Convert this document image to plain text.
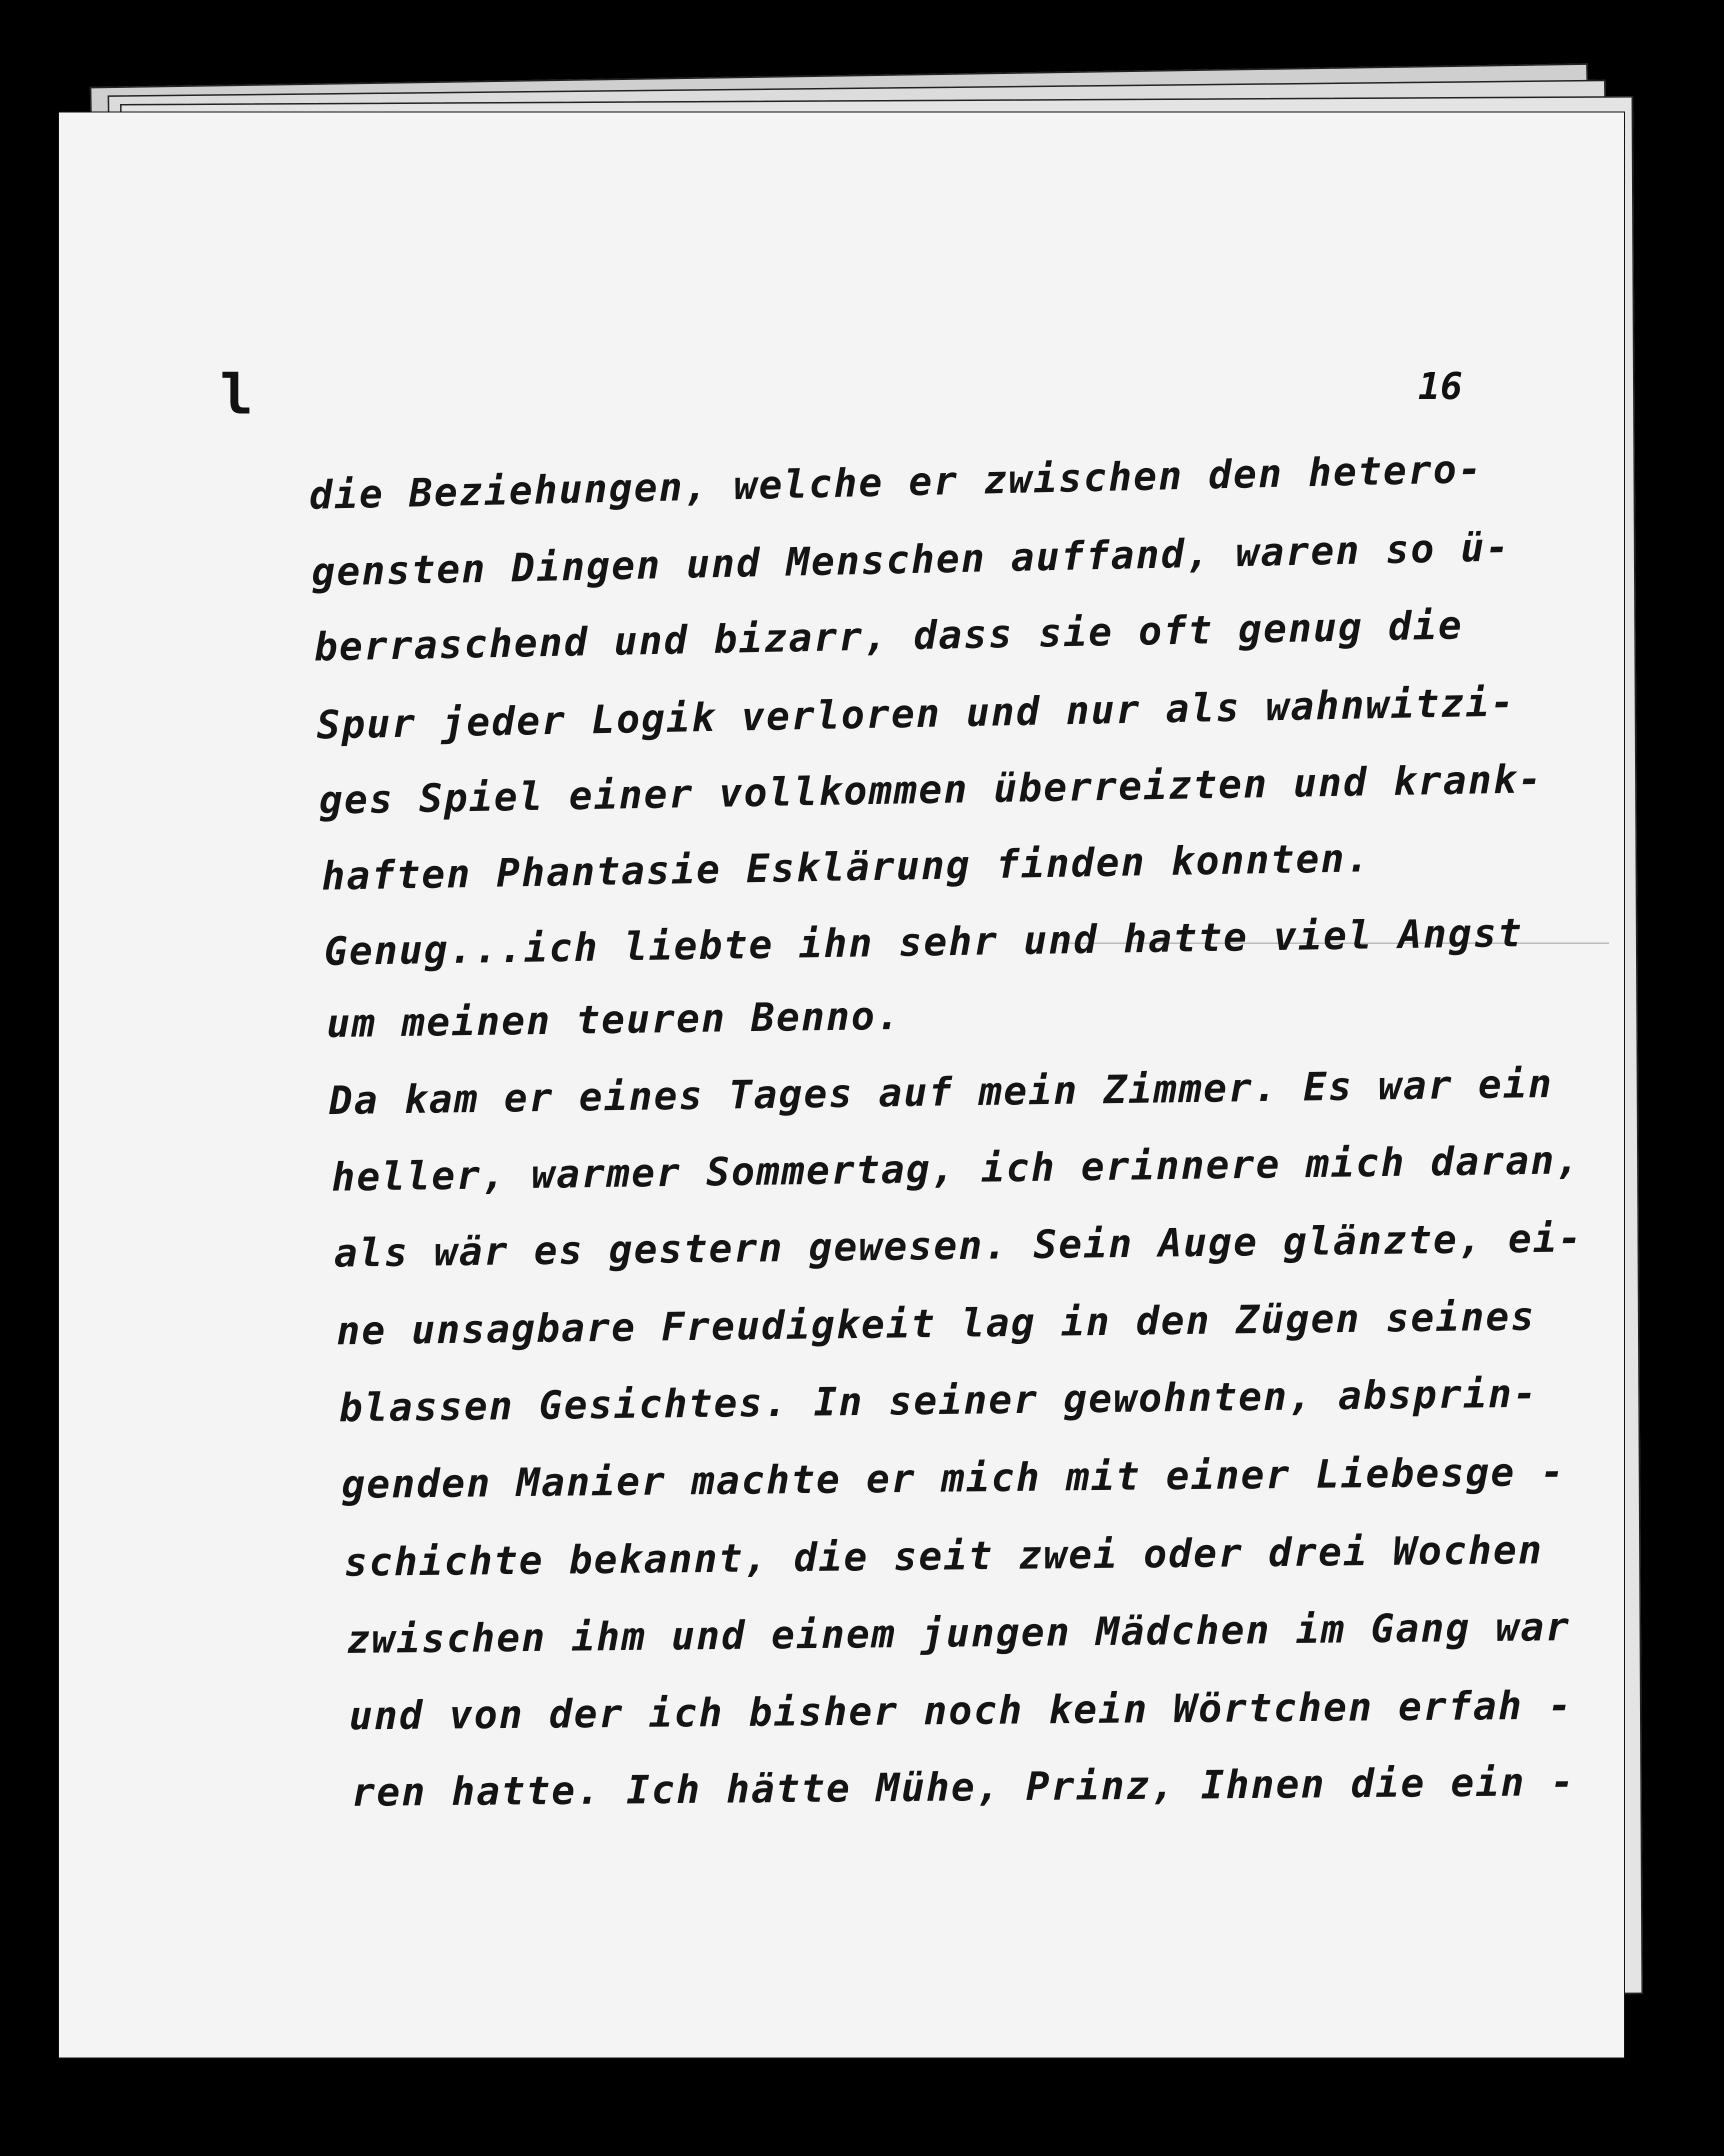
l	16
die Beziehungen, welche er zwischen den hetero-
gensten Dingen und Menschen auffand, waren so ü-
berraschend und bizarr, dass sie oft genug die
Spur jeder Logik verloren und nur als wahnwitzi-
ges Spiel einer vollkommen überreizten und krank-
haften Phantasie Esklärung finden konnten.
Genug...ich liebte ihn sehr und hatte viel Angst
um meinen teuren Benno.
Da kam er eines Tages auf mein Zimmer. Es war ein
heller, warmer Sommertag, ich erinnere mich daran,
als wär es gestern gewesen. Sein Auge glänzte, ei-
ne unsagbare Freudigkeit lag in den Zügen seines
blassen Gesichtes. In seiner gewohnten, absprin-
genden Manier machte er mich mit einer Liebesge -
schichte bekannt, die seit zwei oder drei Wochen
zwischen ihm und einem jungen Mädchen im Gang war
und von der ich bisher noch kein Wörtchen erfah -
ren hatte. Ich hätte Mühe, Prinz, Ihnen die ein -
